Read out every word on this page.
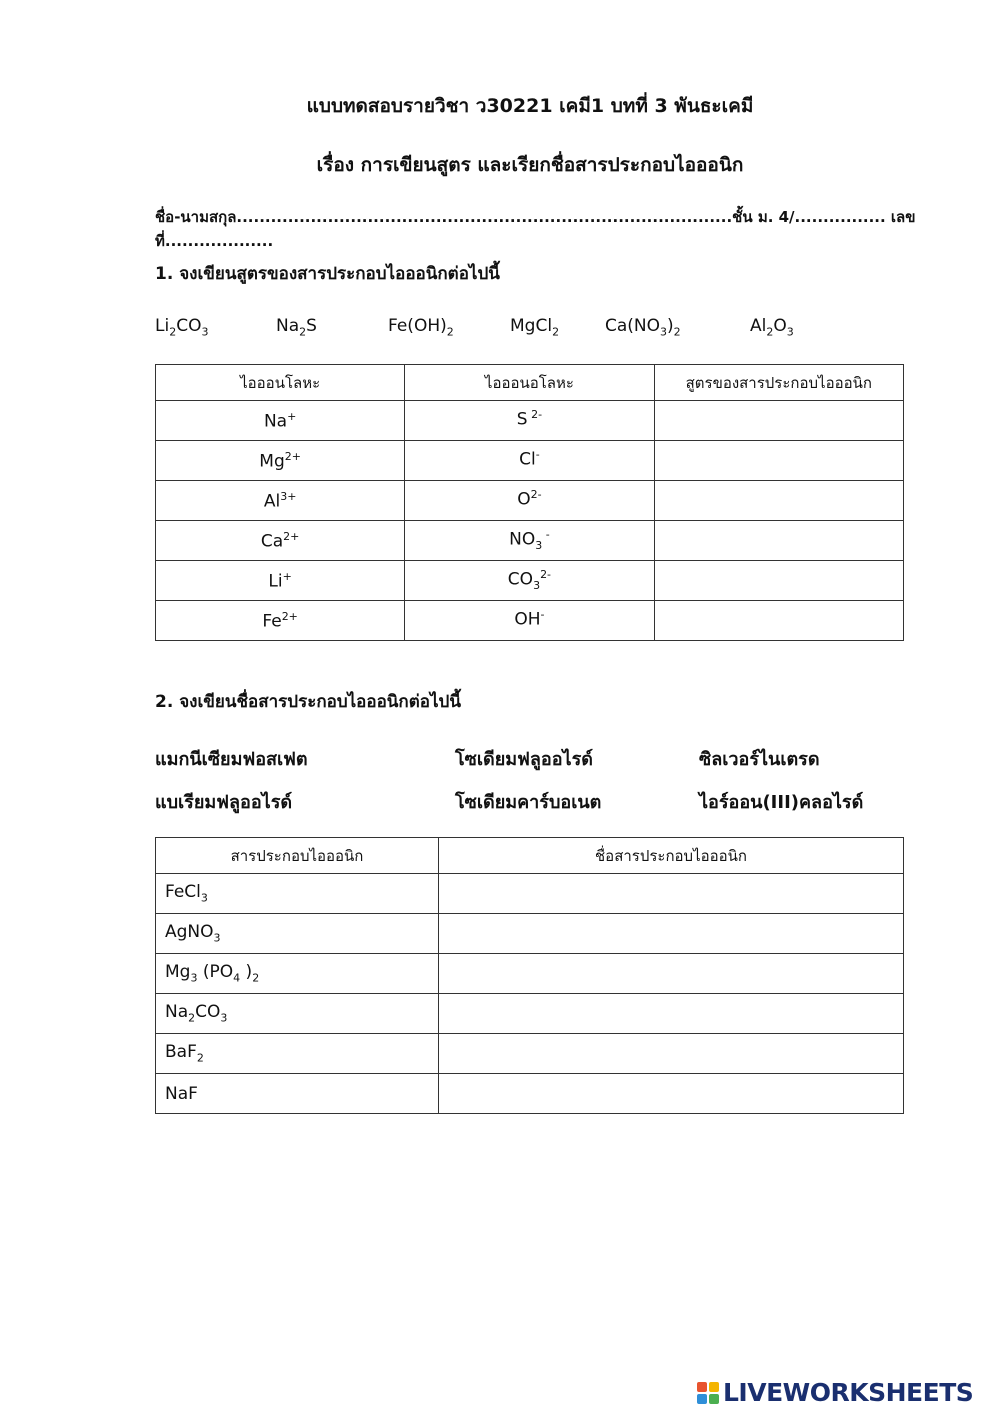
แบบทดสอบรายวิชา ว30221 เคมี1 บทที่ 3 พันธะเคมี
เรื่อง การเขียนสูตร และเรียกชื่อสารประกอบไอออนิก
ชื่อ-นามสกุล.......................................................................................ชั้น ม. 4/................ เลขที่...................
1. จงเขียนสูตรของสารประกอบไอออนิกต่อไปนี้
$Li_2CO_3$	$Na_2S$	$Fe(OH)_2$	MgCl$_2$	$Ca(NO_3)_2$	$Al_2O_3$
ไอออนโลหะ	ไอออนอโลหะ	สูตรของสารประกอบไอออนิก
Na+	S $^{2-}$	
$Mg^{2+}$	Cl-	
$Al^{3+}$	$O^{2-}$	
$Ca^{2+}$	$NO_3$ -	
Li+	$CO_3^{2-}$	
$Fe^{2+}$	OH-	
2. จงเขียนชื่อสารประกอบไอออนิกต่อไปนี้
แมกนีเซียมฟอสเฟต	โซเดียมฟลูออไรด์	ซิลเวอร์ไนเตรด
แบเรียมฟลูออไรด์	โซเดียมคาร์บอเนต	ไอร์ออน(III)คลอไรด์
สารประกอบไอออนิก	ชื่อสารประกอบไอออนิก
FeCl$_3$	
AgNO$_3$	
$Mg_3$ ($PO_4$ )$_2$	
$Na_2CO_3$	
BaF$_2$	
NaF	
LIVEWORKSHEETS
